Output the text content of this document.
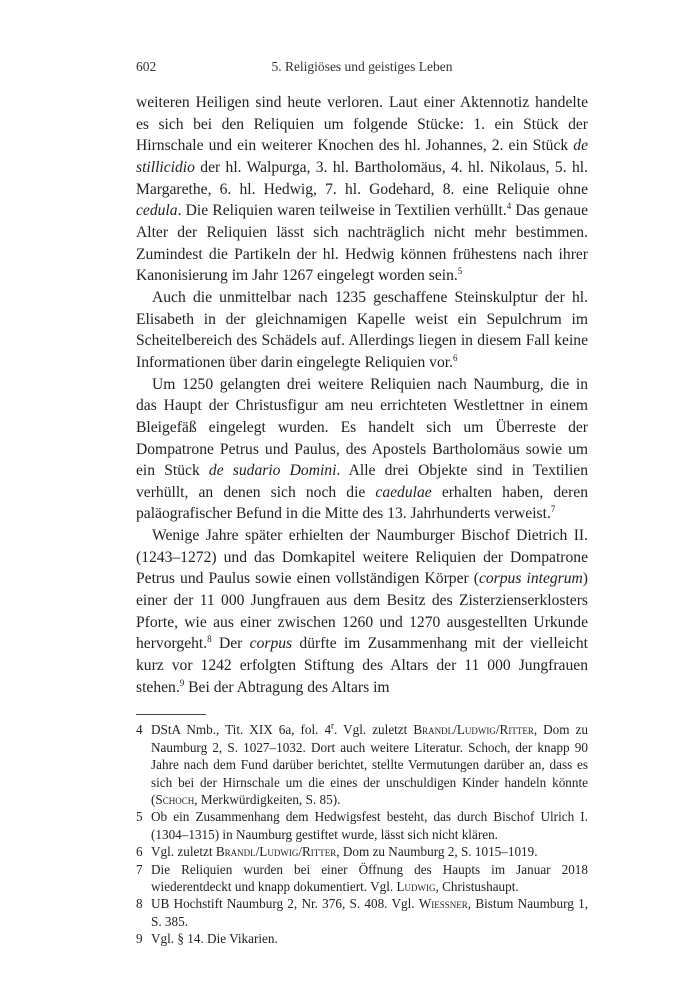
602	5. Religiöses und geistiges Leben

weiteren Heiligen sind heute verloren. Laut einer Aktennotiz handelte es sich bei den Reliquien um folgende Stücke: 1. ein Stück der Hirnschale und ein weiterer Knochen des hl. Johannes, 2. ein Stück de stillicidio der hl. Walpurga, 3. hl. Bartholomäus, 4. hl. Nikolaus, 5. hl. Margarethe, 6. hl. Hedwig, 7. hl. Godehard, 8. eine Reliquie ohne cedula. Die Reliquien waren teilweise in Textilien verhüllt.$^4$ Das genaue Alter der Reliquien lässt sich nachträglich nicht mehr bestimmen. Zumindest die Partikeln der hl. Hedwig können frühestens nach ihrer Kanonisierung im Jahr 1267 eingelegt worden sein.$^5$

Auch die unmittelbar nach 1235 geschaffene Steinskulptur der hl. Elisabeth in der gleichnamigen Kapelle weist ein Sepulchrum im Scheitelbereich des Schädels auf. Allerdings liegen in diesem Fall keine Informationen über darin eingelegte Reliquien vor.$^6$

Um 1250 gelangten drei weitere Reliquien nach Naumburg, die in das Haupt der Christusfigur am neu errichteten Westlettner in einem Bleigefäß eingelegt wurden. Es handelt sich um Überreste der Dompatrone Petrus und Paulus, des Apostels Bartholomäus sowie um ein Stück de sudario Domini. Alle drei Objekte sind in Textilien verhüllt, an denen sich noch die caedulae erhalten haben, deren paläografischer Befund in die Mitte des 13. Jahrhunderts verweist.$^7$

Wenige Jahre später erhielten der Naumburger Bischof Dietrich II. (1243–1272) und das Domkapitel weitere Reliquien der Dompatrone Petrus und Paulus sowie einen vollständigen Körper (corpus integrum) einer der 11 000 Jungfrauen aus dem Besitz des Zisterzienserklosters Pforte, wie aus einer zwischen 1260 und 1270 ausgestellten Urkunde hervorgeht.$^8$ Der corpus dürfte im Zusammenhang mit der vielleicht kurz vor 1242 erfolgten Stiftung des Altars der 11 000 Jungfrauen stehen.$^9$ Bei der Abtragung des Altars im

4 DStA Nmb., Tit. XIX 6a, fol. 4$^r$. Vgl. zuletzt Brandl/Ludwig/Ritter, Dom zu Naumburg 2, S. 1027–1032. Dort auch weitere Literatur. Schoch, der knapp 90 Jahre nach dem Fund darüber berichtet, stellte Vermutungen darüber an, dass es sich bei der Hirnschale um die eines der unschuldigen Kinder handeln könnte (Schoch, Merkwürdigkeiten, S. 85).
5 Ob ein Zusammenhang dem Hedwigsfest besteht, das durch Bischof Ulrich I. (1304–1315) in Naumburg gestiftet wurde, lässt sich nicht klären.
6 Vgl. zuletzt Brandl/Ludwig/Ritter, Dom zu Naumburg 2, S. 1015–1019.
7 Die Reliquien wurden bei einer Öffnung des Haupts im Januar 2018 wiederentdeckt und knapp dokumentiert. Vgl. Ludwig, Christushaupt.
8 UB Hochstift Naumburg 2, Nr. 376, S. 408. Vgl. Wiessner, Bistum Naumburg 1, S. 385.
9 Vgl. § 14. Die Vikarien.
